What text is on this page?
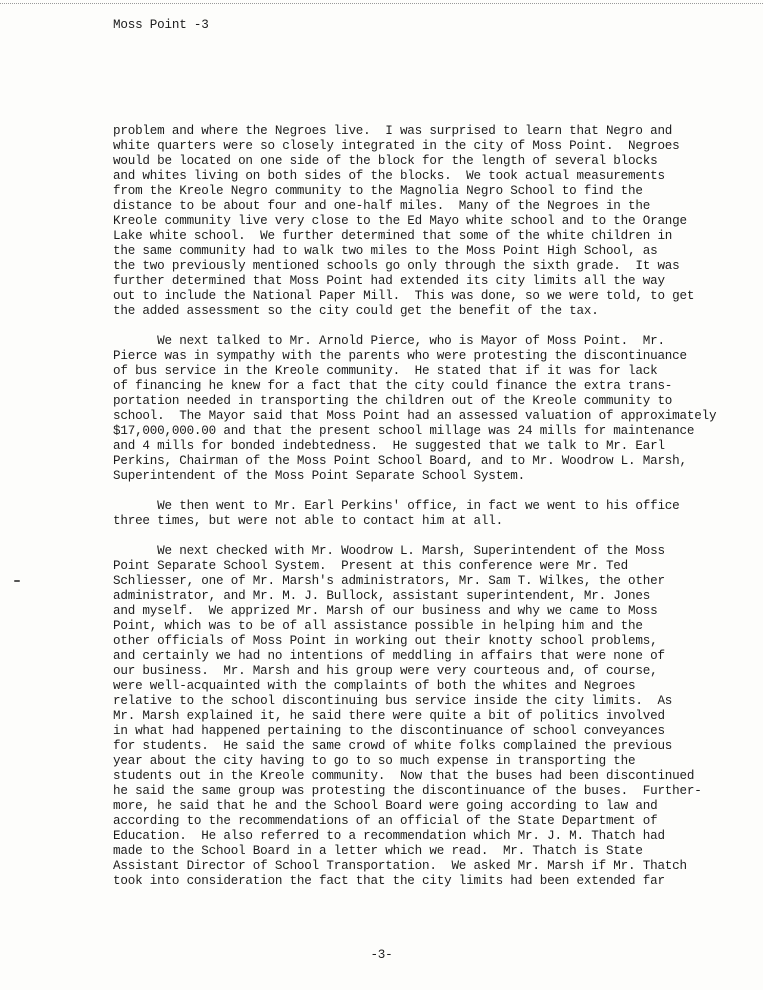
Moss Point -3
problem and where the Negroes live.  I was surprised to learn that Negro and
white quarters were so closely integrated in the city of Moss Point.  Negroes
would be located on one side of the block for the length of several blocks
and whites living on both sides of the blocks.  We took actual measurements
from the Kreole Negro community to the Magnolia Negro School to find the
distance to be about four and one-half miles.  Many of the Negroes in the
Kreole community live very close to the Ed Mayo white school and to the Orange
Lake white school.  We further determined that some of the white children in
the same community had to walk two miles to the Moss Point High School, as
the two previously mentioned schools go only through the sixth grade.  It was
further determined that Moss Point had extended its city limits all the way
out to include the National Paper Mill.  This was done, so we were told, to get
the added assessment so the city could get the benefit of the tax.
We next talked to Mr. Arnold Pierce, who is Mayor of Moss Point.  Mr.
Pierce was in sympathy with the parents who were protesting the discontinuance
of bus service in the Kreole community.  He stated that if it was for lack
of financing he knew for a fact that the city could finance the extra trans-
portation needed in transporting the children out of the Kreole community to
school.  The Mayor said that Moss Point had an assessed valuation of approximately
$17,000,000.00 and that the present school millage was 24 mills for maintenance
and 4 mills for bonded indebtedness.  He suggested that we talk to Mr. Earl
Perkins, Chairman of the Moss Point School Board, and to Mr. Woodrow L. Marsh,
Superintendent of the Moss Point Separate School System.
We then went to Mr. Earl Perkins' office, in fact we went to his office
three times, but were not able to contact him at all.
We next checked with Mr. Woodrow L. Marsh, Superintendent of the Moss
Point Separate School System.  Present at this conference were Mr. Ted
Schliesser, one of Mr. Marsh's administrators, Mr. Sam T. Wilkes, the other
administrator, and Mr. M. J. Bullock, assistant superintendent, Mr. Jones
and myself.  We apprized Mr. Marsh of our business and why we came to Moss
Point, which was to be of all assistance possible in helping him and the
other officials of Moss Point in working out their knotty school problems,
and certainly we had no intentions of meddling in affairs that were none of
our business.  Mr. Marsh and his group were very courteous and, of course,
were well-acquainted with the complaints of both the whites and Negroes
relative to the school discontinuing bus service inside the city limits.  As
Mr. Marsh explained it, he said there were quite a bit of politics involved
in what had happened pertaining to the discontinuance of school conveyances
for students.  He said the same crowd of white folks complained the previous
year about the city having to go to so much expense in transporting the
students out in the Kreole community.  Now that the buses had been discontinued
he said the same group was protesting the discontinuance of the buses.  Further-
more, he said that he and the School Board were going according to law and
according to the recommendations of an official of the State Department of
Education.  He also referred to a recommendation which Mr. J. M. Thatch had
made to the School Board in a letter which we read.  Mr. Thatch is State
Assistant Director of School Transportation.  We asked Mr. Marsh if Mr. Thatch
took into consideration the fact that the city limits had been extended far
-3-
